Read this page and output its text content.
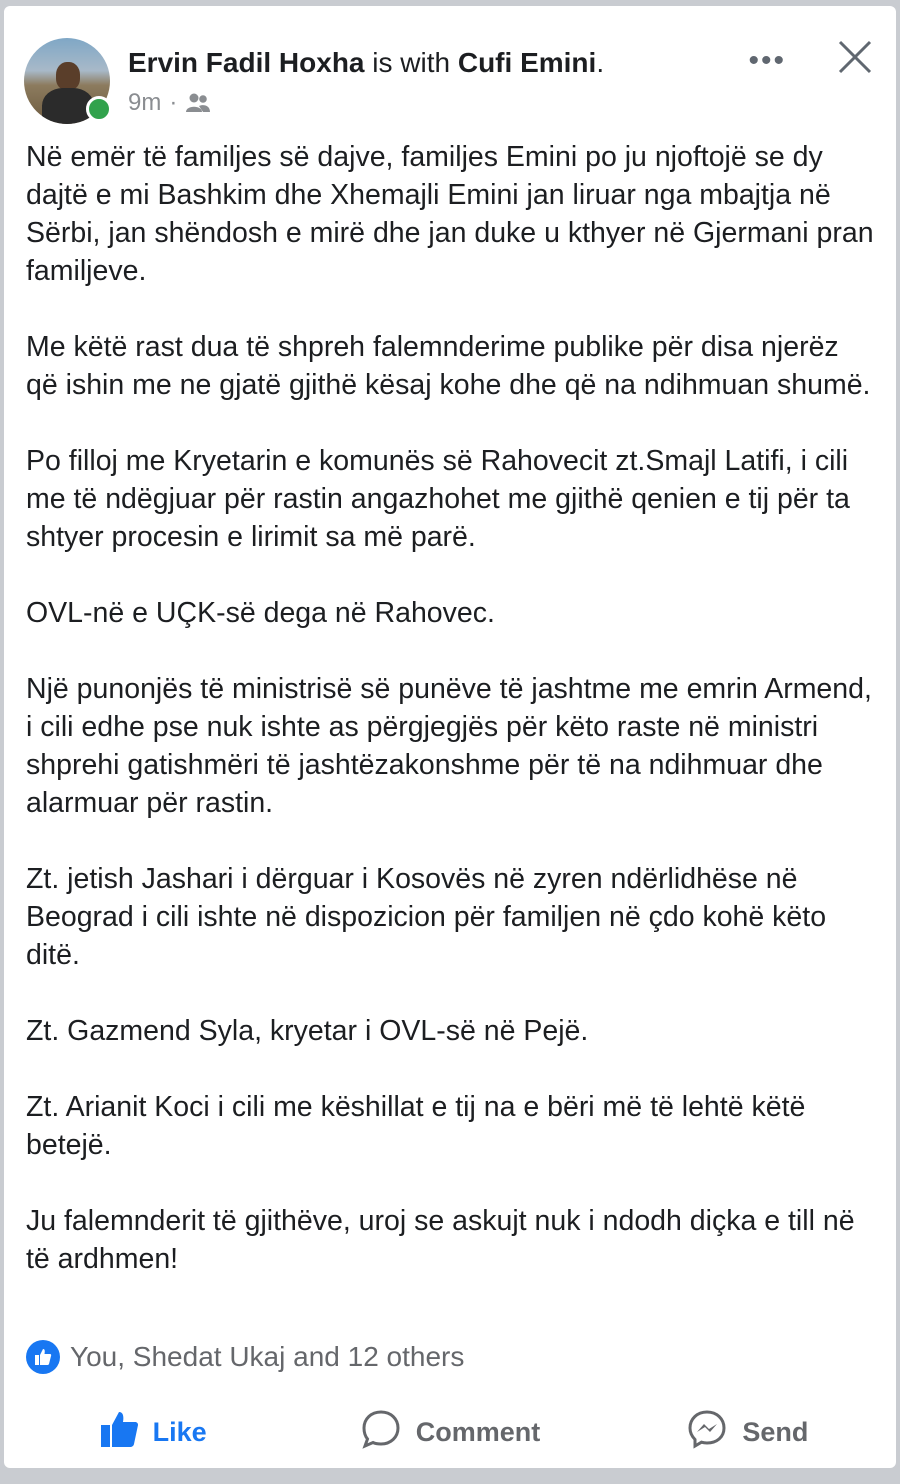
Ervin Fadil Hoxha is with Cufi Emini.
9m ·
•••

Në emër të familjes së dajve, familjes Emini po ju njoftojë se dy dajtë e mi Bashkim dhe Xhemajli Emini jan liruar nga mbajtja në Sërbi, jan shëndosh e mirë dhe jan duke u kthyer në Gjermani pran familjeve.

Me këtë rast dua të shpreh falemnderime publike për disa njerëz që ishin me ne gjatë gjithë kësaj kohe dhe që na ndihmuan shumë.

Po filloj me Kryetarin e komunës së Rahovecit zt.Smajl Latifi, i cili me të ndëgjuar për rastin angazhohet me gjithë qenien e tij për ta shtyer procesin e lirimit sa më parë.

OVL-në e UÇK-së dega në Rahovec.

Një punonjës të ministrisë së punëve të jashtme me emrin Armend, i cili edhe pse nuk ishte as përgjegjës për këto raste në ministri shprehi gatishmëri të jashtëzakonshme për të na ndihmuar dhe alarmuar për rastin.

Zt. jetish Jashari i dërguar i Kosovës në zyren ndërlidhëse në Beograd i cili ishte në dispozicion për familjen në çdo kohë këto ditë.

Zt. Gazmend Syla, kryetar i OVL-së në Pejë.

Zt. Arianit Koci i cili me këshillat e tij na e bëri më të lehtë këtë betejë.

Ju falemnderit të gjithëve, uroj se askujt nuk i ndodh diçka e till në të ardhmen!

You, Shedat Ukaj and 12 others
Like	Comment	Send
